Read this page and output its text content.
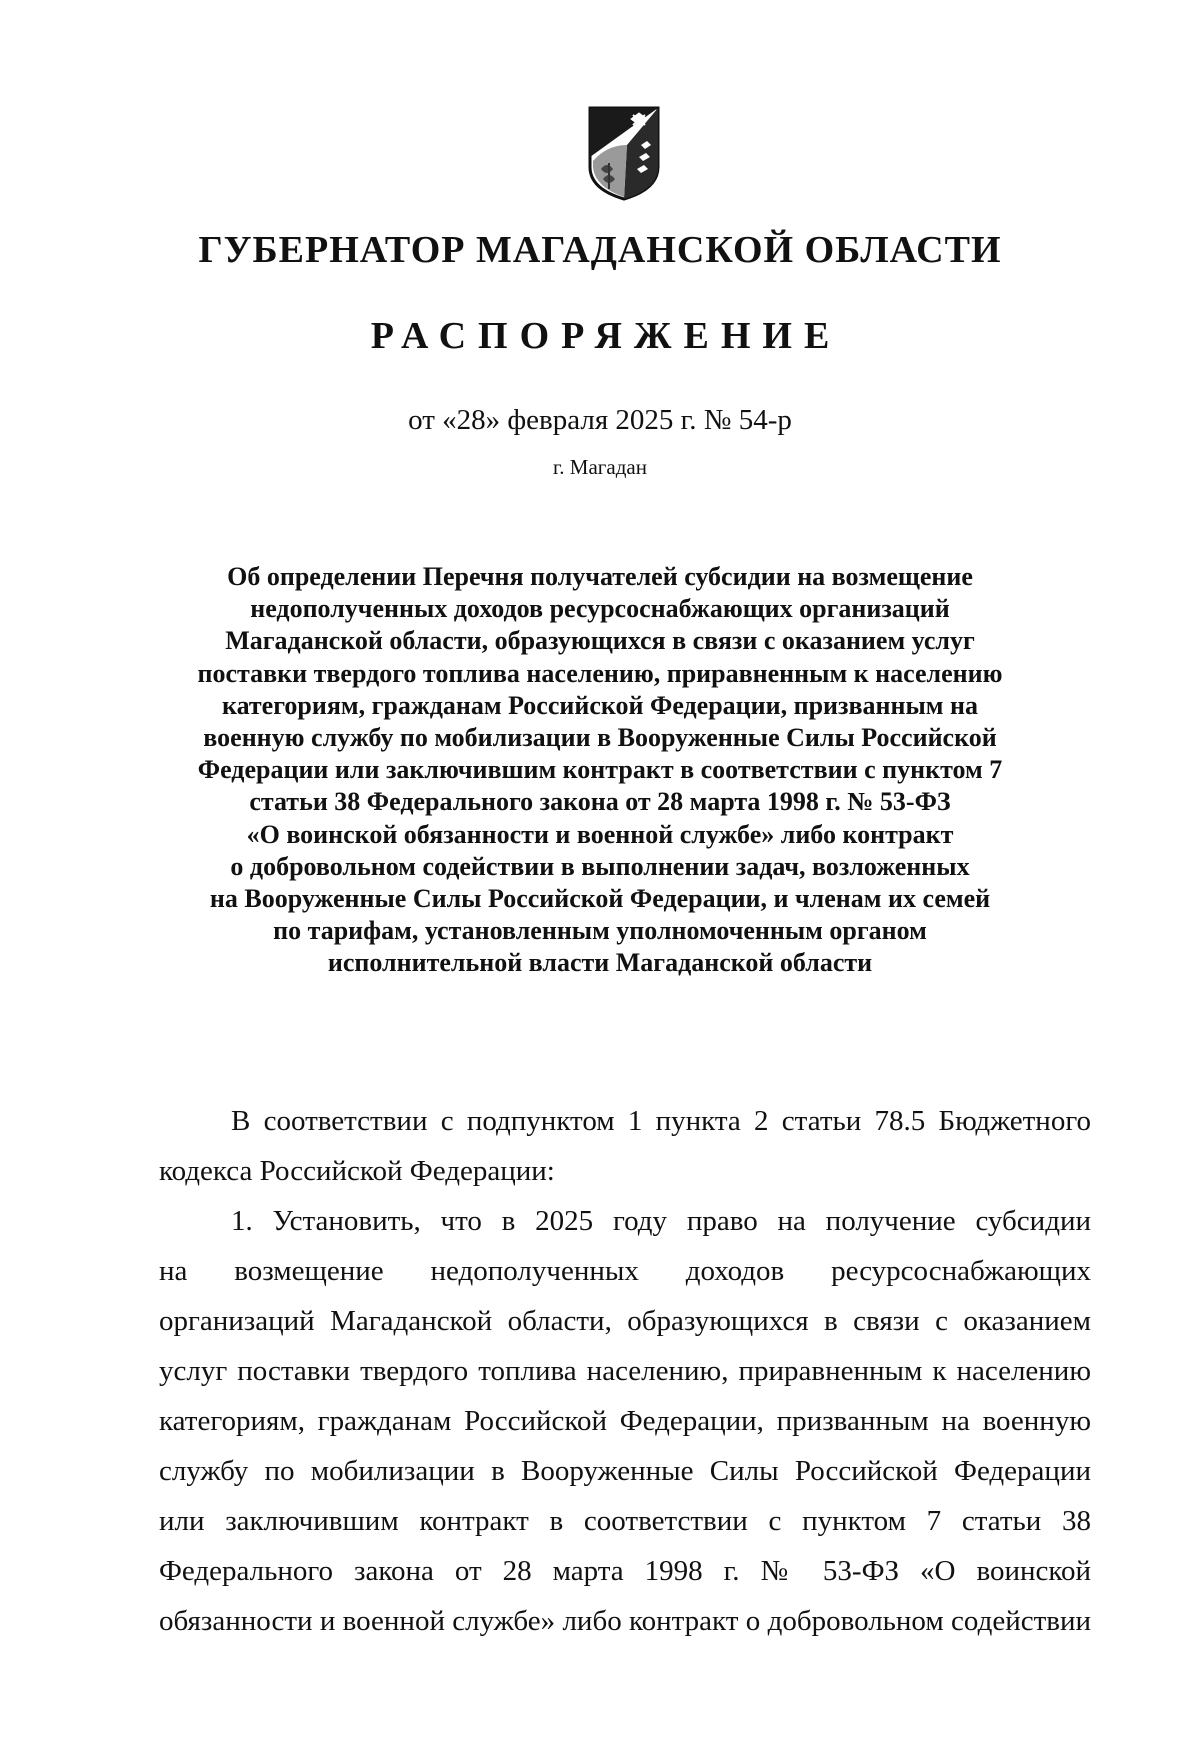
ГУБЕРНАТОР МАГАДАНСКОЙ ОБЛАСТИ
РАСПОРЯЖЕНИЕ
от «28» февраля 2025 г. № 54-р
г. Магадан
Об определении Перечня получателей субсидии на возмещение
недополученных доходов ресурсоснабжающих организаций
Магаданской области, образующихся в связи с оказанием услуг
поставки твердого топлива населению, приравненным к населению
категориям, гражданам Российской Федерации, призванным на
военную службу по мобилизации в Вооруженные Силы Российской
Федерации или заключившим контракт в соответствии с пунктом 7
статьи 38 Федерального закона от 28 марта 1998 г. № 53-ФЗ
«О воинской обязанности и военной службе» либо контракт
о добровольном содействии в выполнении задач, возложенных
на Вооруженные Силы Российской Федерации, и членам их семей
по тарифам, установленным уполномоченным органом
исполнительной власти Магаданской области
В соответствии с подпунктом 1 пункта 2 статьи 78.5 Бюджетного
кодекса Российской Федерации:
1. Установить, что в 2025 году право на получение субсидии
на возмещение недополученных доходов ресурсоснабжающих
организаций Магаданской области, образующихся в связи с оказанием
услуг поставки твердого топлива населению, приравненным к населению
категориям, гражданам Российской Федерации, призванным на военную
службу по мобилизации в Вооруженные Силы Российской Федерации
или заключившим контракт в соответствии с пунктом 7 статьи 38
Федерального закона от 28 марта 1998 г. № 53-ФЗ «О воинской
обязанности и военной службе» либо контракт о добровольном содействии
